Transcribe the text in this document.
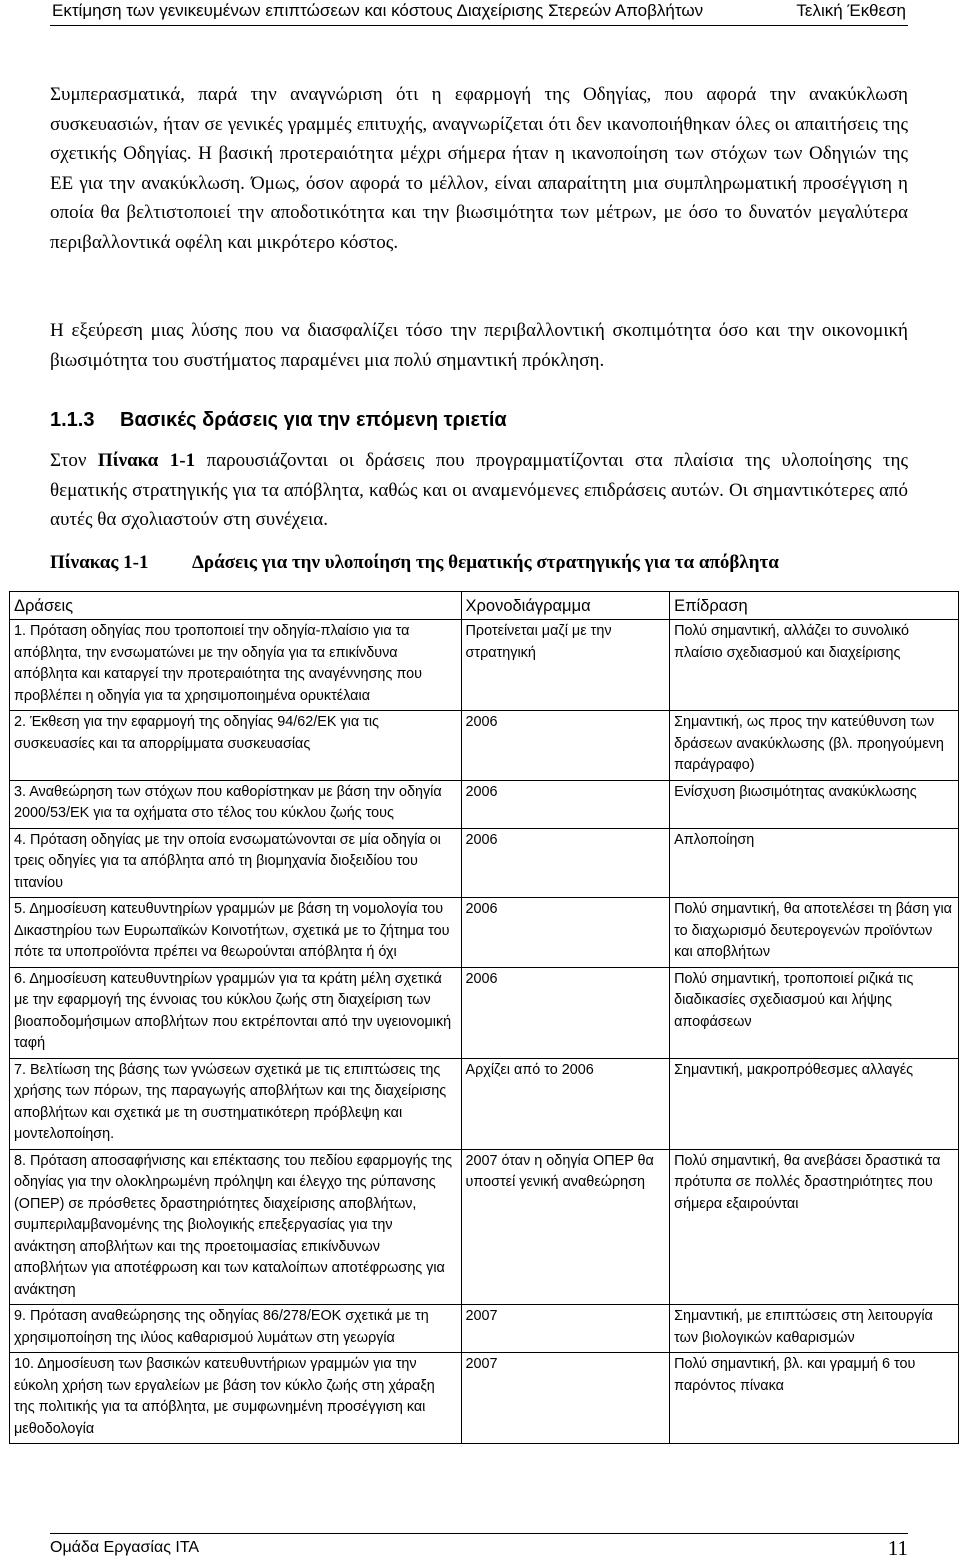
Εκτίμηση των γενικευμένων επιπτώσεων και κόστους Διαχείρισης Στερεών Αποβλήτων	Τελική Έκθεση
Συμπερασματικά, παρά την αναγνώριση ότι η εφαρμογή της Οδηγίας, που αφορά την ανακύκλωση συσκευασιών, ήταν σε γενικές γραμμές επιτυχής, αναγνωρίζεται ότι δεν ικανοποιήθηκαν όλες οι απαιτήσεις της σχετικής Οδηγίας. Η βασική προτεραιότητα μέχρι σήμερα ήταν η ικανοποίηση των στόχων των Οδηγιών της ΕΕ για την ανακύκλωση. Όμως, όσον αφορά το μέλλον, είναι απαραίτητη μια συμπληρωματική προσέγγιση η οποία θα βελτιστοποιεί την αποδοτικότητα και την βιωσιμότητα των μέτρων, με όσο το δυνατόν μεγαλύτερα περιβαλλοντικά οφέλη και μικρότερο κόστος.
Η εξεύρεση μιας λύσης που να διασφαλίζει τόσο την περιβαλλοντική σκοπιμότητα όσο και την οικονομική βιωσιμότητα του συστήματος παραμένει μια πολύ σημαντική πρόκληση.
1.1.3 Βασικές δράσεις για την επόμενη τριετία
Στον Πίνακα 1-1 παρουσιάζονται οι δράσεις που προγραμματίζονται στα πλαίσια της υλοποίησης της θεματικής στρατηγικής για τα απόβλητα, καθώς και οι αναμενόμενες επιδράσεις αυτών. Οι σημαντικότερες από αυτές θα σχολιαστούν στη συνέχεια.
Πίνακας 1-1 Δράσεις για την υλοποίηση της θεματικής στρατηγικής για τα απόβλητα
Δράσεις	Χρονοδιάγραμμα	Επίδραση
1. Πρόταση οδηγίας που τροποποιεί την οδηγία-πλαίσιο για τα απόβλητα, την ενσωματώνει με την οδηγία για τα επικίνδυνα απόβλητα και καταργεί την προτεραιότητα της αναγέννησης που προβλέπει η οδηγία για τα χρησιμοποιημένα ορυκτέλαια	Προτείνεται μαζί με την στρατηγική	Πολύ σημαντική, αλλάζει το συνολικό πλαίσιο σχεδιασμού και διαχείρισης
2. Έκθεση για την εφαρμογή της οδηγίας 94/62/ΕΚ για τις συσκευασίες και τα απορρίμματα συσκευασίας	2006	Σημαντική, ως προς την κατεύθυνση των δράσεων ανακύκλωσης (βλ. προηγούμενη παράγραφο)
3. Αναθεώρηση των στόχων που καθορίστηκαν με βάση την οδηγία 2000/53/ΕΚ για τα οχήματα στο τέλος του κύκλου ζωής τους	2006	Ενίσχυση βιωσιμότητας ανακύκλωσης
4. Πρόταση οδηγίας με την οποία ενσωματώνονται σε μία οδηγία οι τρεις οδηγίες για τα απόβλητα από τη βιομηχανία διοξειδίου του τιτανίου	2006	Απλοποίηση
5. Δημοσίευση κατευθυντηρίων γραμμών με βάση τη νομολογία του Δικαστηρίου των Ευρωπαϊκών Κοινοτήτων, σχετικά με το ζήτημα του πότε τα υποπροϊόντα πρέπει να θεωρούνται απόβλητα ή όχι	2006	Πολύ σημαντική, θα αποτελέσει τη βάση για το διαχωρισμό δευτερογενών προϊόντων και αποβλήτων
6. Δημοσίευση κατευθυντηρίων γραμμών για τα κράτη μέλη σχετικά με την εφαρμογή της έννοιας του κύκλου ζωής στη διαχείριση των βιοαποδομήσιμων αποβλήτων που εκτρέπονται από την υγειονομική ταφή	2006	Πολύ σημαντική, τροποποιεί ριζικά τις διαδικασίες σχεδιασμού και λήψης αποφάσεων
7. Βελτίωση της βάσης των γνώσεων σχετικά με τις επιπτώσεις της χρήσης των πόρων, της παραγωγής αποβλήτων και της διαχείρισης αποβλήτων και σχετικά με τη συστηματικότερη πρόβλεψη και μοντελοποίηση.	Αρχίζει από το 2006	Σημαντική, μακροπρόθεσμες αλλαγές
8. Πρόταση αποσαφήνισης και επέκτασης του πεδίου εφαρμογής της οδηγίας για την ολοκληρωμένη πρόληψη και έλεγχο της ρύπανσης (ΟΠΕΡ) σε πρόσθετες δραστηριότητες διαχείρισης αποβλήτων, συμπεριλαμβανομένης της βιολογικής επεξεργασίας για την ανάκτηση αποβλήτων και της προετοιμασίας επικίνδυνων αποβλήτων για αποτέφρωση και των καταλοίπων αποτέφρωσης για ανάκτηση	2007 όταν η οδηγία ΟΠΕΡ θα υποστεί γενική αναθεώρηση	Πολύ σημαντική, θα ανεβάσει δραστικά τα πρότυπα σε πολλές δραστηριότητες που σήμερα εξαιρούνται
9. Πρόταση αναθεώρησης της οδηγίας 86/278/ΕΟΚ σχετικά με τη χρησιμοποίηση της ιλύος καθαρισμού λυμάτων στη γεωργία	2007	Σημαντική, με επιπτώσεις στη λειτουργία των βιολογικών καθαρισμών
10. Δημοσίευση των βασικών κατευθυντήριων γραμμών για την εύκολη χρήση των εργαλείων με βάση τον κύκλο ζωής στη χάραξη της πολιτικής για τα απόβλητα, με συμφωνημένη προσέγγιση και μεθοδολογία	2007	Πολύ σημαντική, βλ. και γραμμή 6 του παρόντος πίνακα
Ομάδα Εργασίας ΙΤΑ	11
